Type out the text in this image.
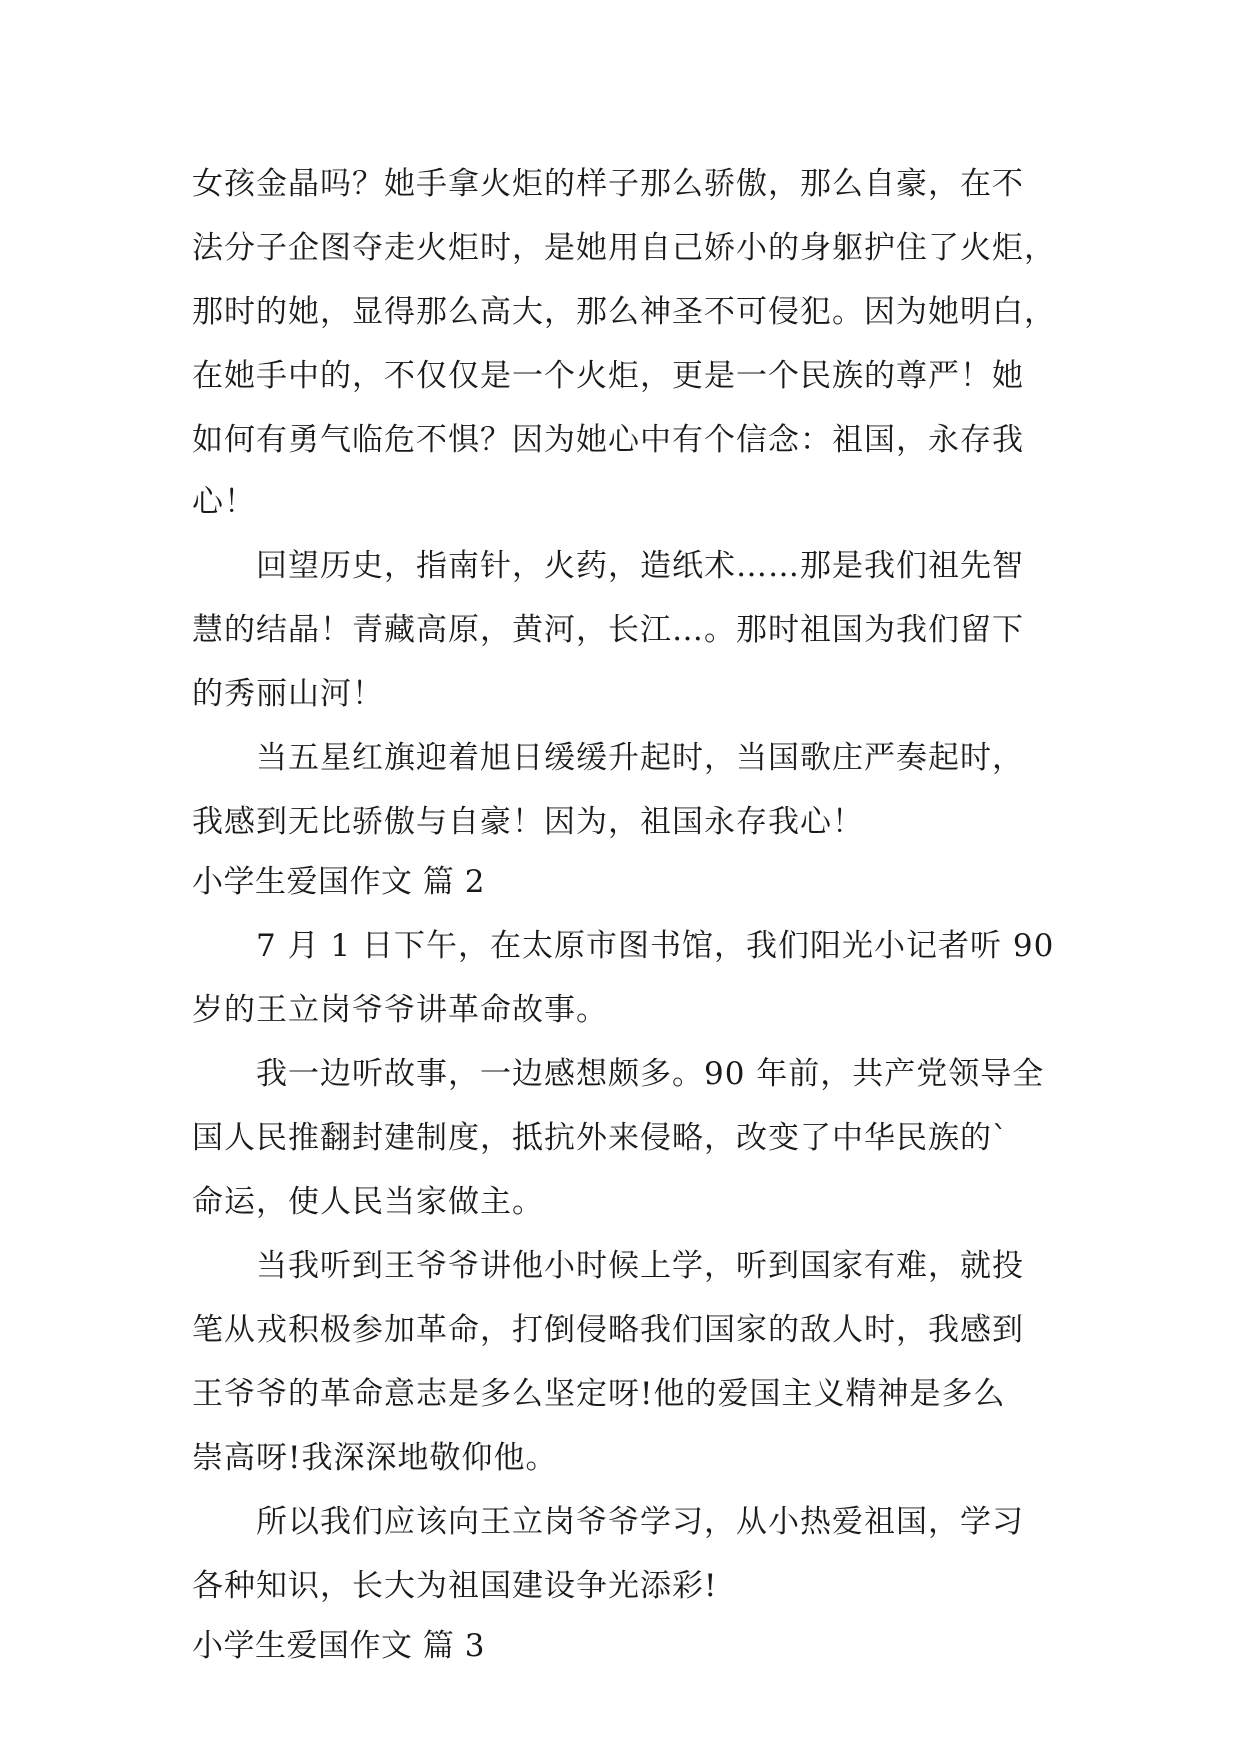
女孩金晶吗？她手拿火炬的样子那么骄傲，那么自豪，在不
法分子企图夺走火炬时，是她用自己娇小的身躯护住了火炬，
那时的她，显得那么高大，那么神圣不可侵犯。因为她明白，
在她手中的，不仅仅是一个火炬，更是一个民族的尊严！她
如何有勇气临危不惧？因为她心中有个信念：祖国，永存我
心！
回望历史，指南针，火药，造纸术……那是我们祖先智
慧的结晶！青藏高原，黄河，长江…。那时祖国为我们留下
的秀丽山河！
当五星红旗迎着旭日缓缓升起时，当国歌庄严奏起时，
我感到无比骄傲与自豪！因为，祖国永存我心！
小学生爱国作文 篇 2
7 月 1 日下午，在太原市图书馆，我们阳光小记者听 90
岁的王立岗爷爷讲革命故事。
我一边听故事，一边感想颇多。90 年前，共产党领导全
国人民推翻封建制度，抵抗外来侵略，改变了中华民族的`
命运，使人民当家做主。
当我听到王爷爷讲他小时候上学，听到国家有难，就投
笔从戎积极参加革命，打倒侵略我们国家的敌人时，我感到
王爷爷的革命意志是多么坚定呀!他的爱国主义精神是多么
崇高呀!我深深地敬仰他。
所以我们应该向王立岗爷爷学习，从小热爱祖国，学习
各种知识，长大为祖国建设争光添彩!
小学生爱国作文 篇 3
